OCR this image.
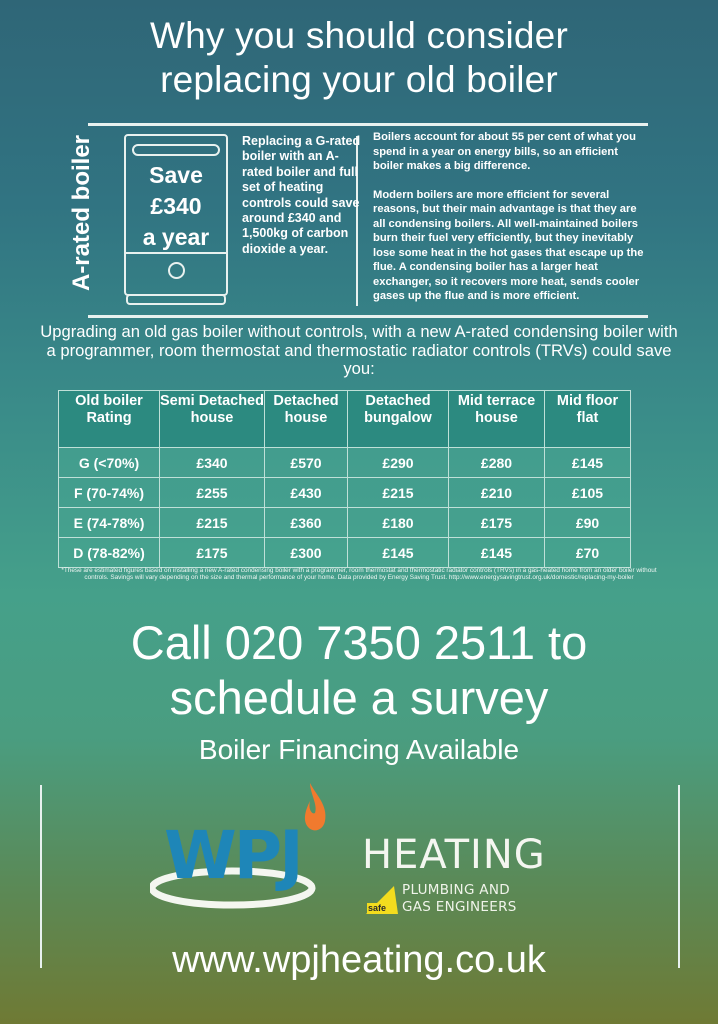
Why you should consider
replacing your old boiler
A-rated boiler	Save
£340
a year
Replacing a G-rated boiler with an A-rated boiler and full set of heating controls could save around £340 and 1,500kg of carbon dioxide a year.

Boilers account for about 55 per cent of what you spend in a year on energy bills, so an efficient boiler makes a big difference.

Modern boilers are more efficient for several reasons, but their main advantage is that they are all condensing boilers. All well-maintained boilers burn their fuel very efficiently, but they inevitably lose some heat in the hot gases that escape up the flue. A condensing boiler has a larger heat exchanger, so it recovers more heat, sends cooler gases up the flue and is more efficient.

Upgrading an old gas boiler without controls, with a new A-rated condensing boiler with a programmer, room thermostat and thermostatic radiator controls (TRVs) could save you:
Old boiler Rating	Semi Detached house	Detached house	Detached bungalow	Mid terrace house	Mid floor flat
G (<70%)	£340	£570	£290	£280	£145
F (70-74%)	£255	£430	£215	£210	£105
E (74-78%)	£215	£360	£180	£175	£90
D (78-82%)	£175	£300	£145	£145	£70
*These are estimated figures based on installing a new A-rated condensing boiler with a programmer, room thermostat and thermostatic radiator controls (TRVs) in a gas-heated home from an older boiler without controls. Savings will vary depending on the size and thermal performance of your home. Data provided by Energy Saving Trust. http://www.energysavingtrust.org.uk/domestic/replacing-my-boiler
Call 020 7350 2511 to
schedule a survey
Boiler Financing Available
WPJ HEATING
safe
PLUMBING AND
GAS ENGINEERS
www.wpjheating.co.uk
